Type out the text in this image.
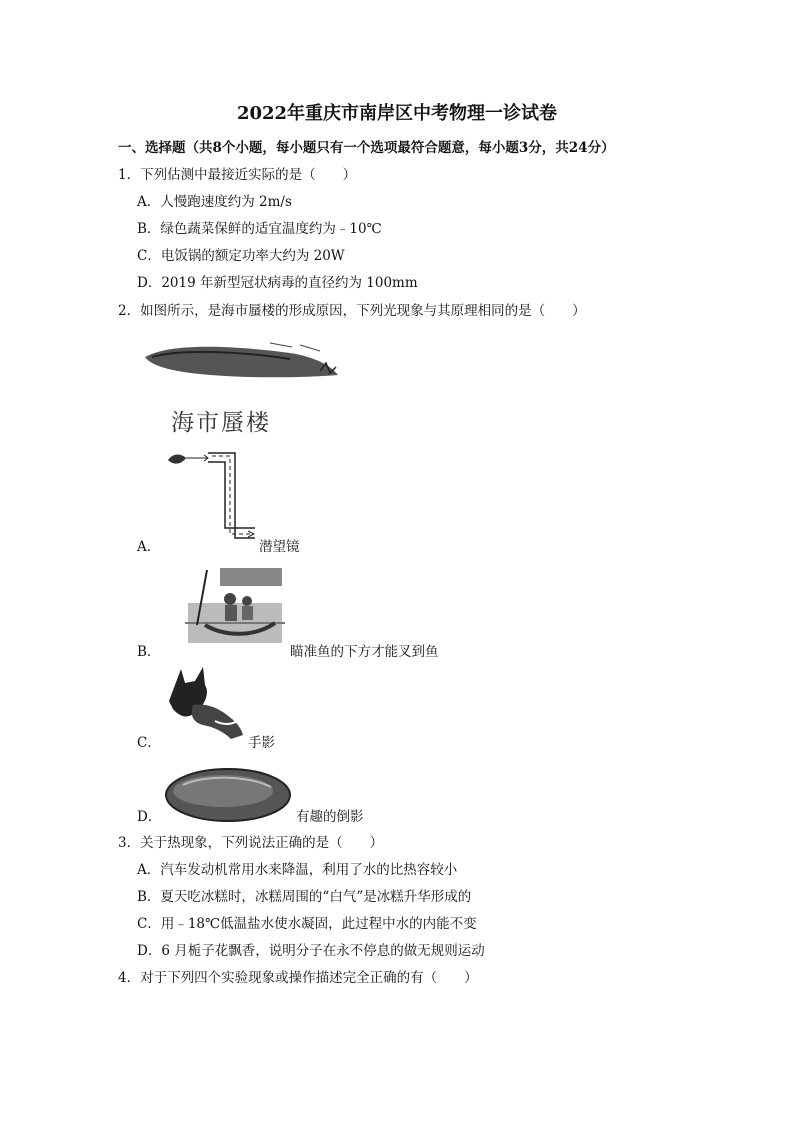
2022年重庆市南岸区中考物理一诊试卷
一、选择题（共8个小题，每小题只有一个选项最符合题意，每小题3分，共24分）
1．下列估测中最接近实际的是（　　）
A．人慢跑速度约为 2m/s
B．绿色蔬菜保鲜的适宜温度约为﹣10℃
C．电饭锅的额定功率大约为 20W
D．2019 年新型冠状病毒的直径约为 100mm
2．如图所示，是海市蜃楼的形成原因，下列光现象与其原理相同的是（　　）
海市蜃楼
A．	潜望镜
B．	瞄准鱼的下方才能叉到鱼
C．	手影
D．	有趣的倒影
3．关于热现象，下列说法正确的是（　　）
A．汽车发动机常用水来降温，利用了水的比热容较小
B．夏天吃冰糕时，冰糕周围的“白气”是冰糕升华形成的
C．用﹣18℃低温盐水使水凝固，此过程中水的内能不变
D．6 月栀子花飘香，说明分子在永不停息的做无规则运动
4．对于下列四个实验现象或操作描述完全正确的有（　　）
